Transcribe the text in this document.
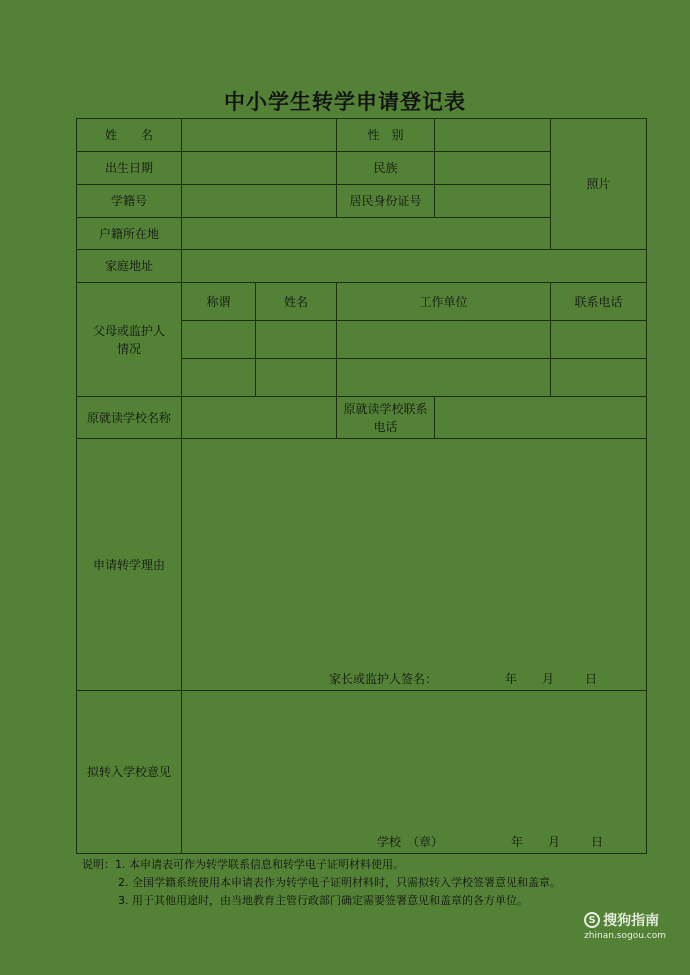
中小学生转学申请登记表
姓　　名			性　别		照片
出生日期			民族		
学籍号			居民身份证号		
户籍所在地					
家庭地址					
父母或监护人
情况	称谓	姓名	工作单位		联系电话

原就读学校名称			原就读学校联系
电话		
申请转学理由	家长或监护人签名： 年 月 日				

拟转入学校意见	学校　（章） 年 月 日				
说明：1. 本申请表可作为转学联系信息和转学电子证明材料使用。
2. 全国学籍系统使用本申请表作为转学电子证明材料时，只需拟转入学校签署意见和盖章。
3. 用于其他用途时，由当地教育主管行政部门确定需要签署意见和盖章的各方单位。
S 搜狗指南
zhinan.sogou.com
